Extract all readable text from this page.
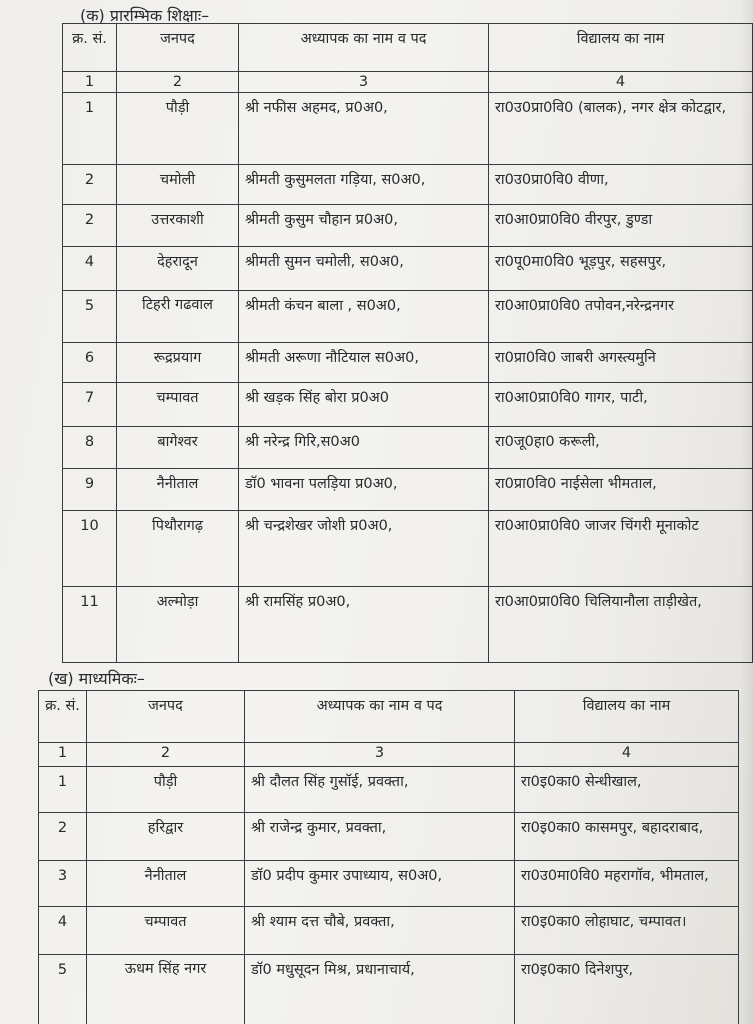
(क) प्रारम्भिक शिक्षाः–
क्र. सं.	जनपद	अध्यापक का नाम व पद	विद्यालय का नाम
1	2	3	4
1	पौड़ी	श्री नफीस अहमद, प्र0अ0,	रा0उ0प्रा0वि0 (बालक), नगर क्षेत्र कोटद्वार,
2	चमोली	श्रीमती कुसुमलता गड़िया, स0अ0,	रा0उ0प्रा0वि0 वीणा,
2	उत्तरकाशी	श्रीमती कुसुम चौहान प्र0अ0,	रा0आ0प्रा0वि0 वीरपुर, डुण्डा
4	देहरादून	श्रीमती सुमन चमोली, स0अ0,	रा0पू0मा0वि0 भूड़पुर, सहसपुर,
5	टिहरी गढवाल	श्रीमती कंचन बाला , स0अ0,	रा0आ0प्रा0वि0 तपोवन,नरेन्द्रनगर
6	रूद्रप्रयाग	श्रीमती अरूणा नौटियाल स0अ0,	रा0प्रा0वि0 जाबरी अगस्त्यमुनि
7	चम्पावत	श्री खड़क सिंह बोरा प्र0अ0	रा0आ0प्रा0वि0 गागर, पाटी,
8	बागेश्वर	श्री नरेन्द्र गिरि,स0अ0	रा0जू0हा0 करूली,
9	नैनीताल	डॉ0 भावना पलड़िया प्र0अ0,	रा0प्रा0वि0 नाईसेला भीमताल,
10	पिथौरागढ़	श्री चन्द्रशेखर जोशी प्र0अ0,	रा0आ0प्रा0वि0 जाजर चिंगरी मूनाकोट
11	अल्मोड़ा	श्री रामसिंह प्र0अ0,	रा0आ0प्रा0वि0 चिलियानौला ताड़ीखेत,
(ख) माध्यमिकः–
क्र. सं.	जनपद	अध्यापक का नाम व पद	विद्यालय का नाम
1	2	3	4
1	पौड़ी	श्री दौलत सिंह गुसॉई, प्रवक्ता,	रा0इ0का0 सेन्धीखाल,
2	हरिद्वार	श्री राजेन्द्र कुमार, प्रवक्ता,	रा0इ0का0 कासमपुर, बहादराबाद,
3	नैनीताल	डॉ0 प्रदीप कुमार उपाध्याय, स0अ0,	रा0उ0मा0वि0 महरागॉव, भीमताल,
4	चम्पावत	श्री श्याम दत्त चौबे, प्रवक्ता,	रा0इ0का0 लोहाघाट, चम्पावत।
5	ऊधम सिंह नगर	डॉ0 मधुसूदन मिश्र, प्रधानाचार्य,	रा0इ0का0 दिनेशपुर,
